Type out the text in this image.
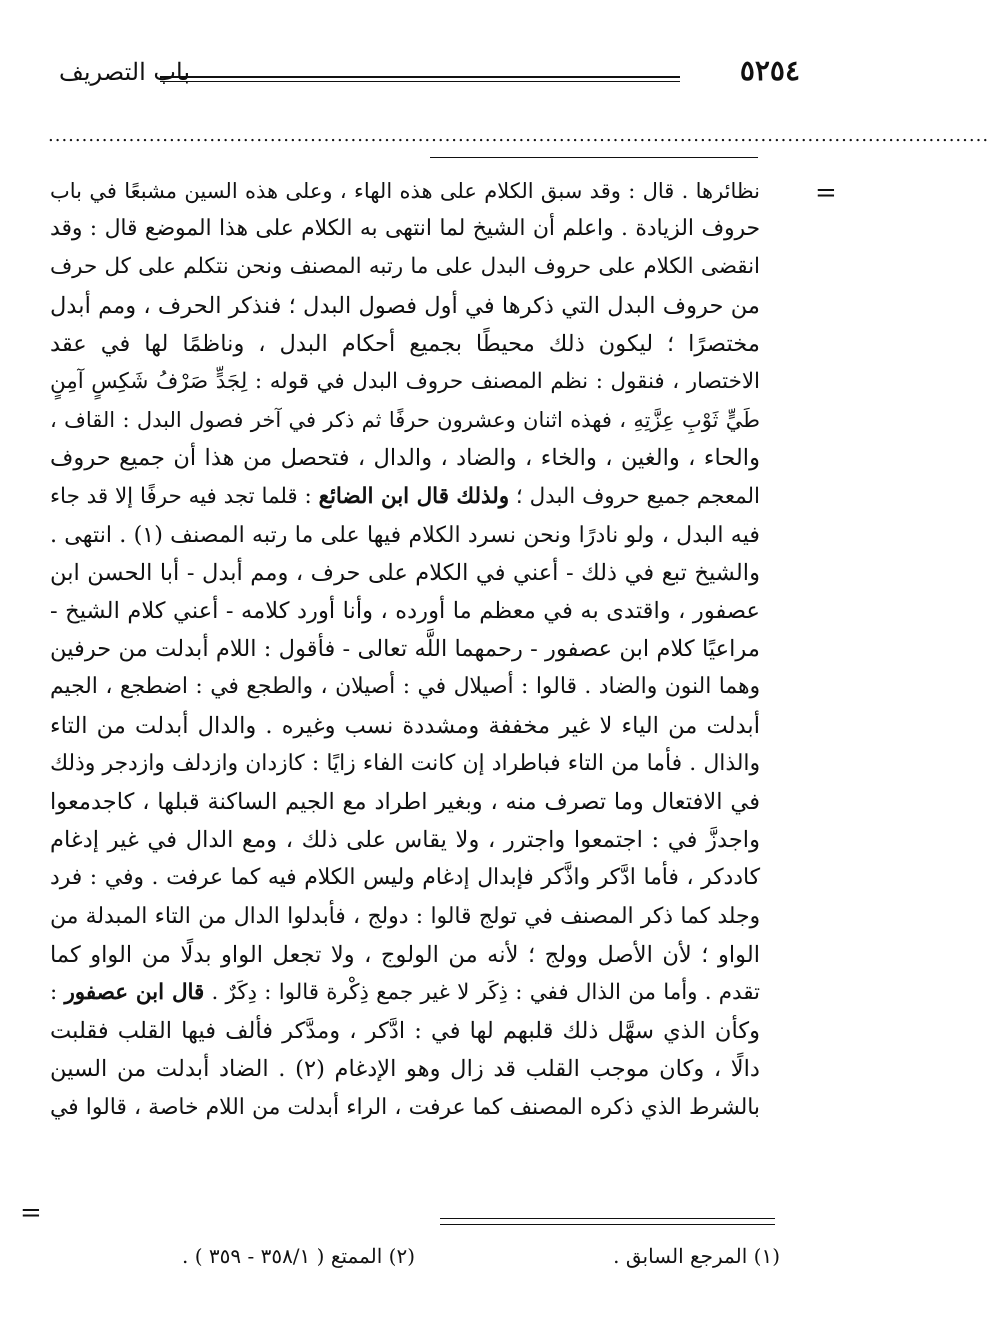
٥٢٥٤
باب التصريف
............................................................................................................................................
=
نظائرها . قال : وقد سبق الكلام على هذه الهاء ، وعلى هذه السين مشبعًا في باب
حروف الزيادة . واعلم أن الشيخ لما انتهى به الكلام على هذا الموضع قال : وقد
انقضى الكلام على حروف البدل على ما رتبه المصنف ونحن نتكلم على كل حرف
من حروف البدل التي ذكرها في أول فصول البدل ؛ فنذكر الحرف ، ومم أبدل
مختصرًا ؛ ليكون ذلك محيطًا بجميع أحكام البدل ، وناظمًا لها في عقد
الاختصار ، فنقول : نظم المصنف حروف البدل في قوله : لِجَدٍّ صَرْفُ شَكِسٍ آمِنٍ
طَيٍّ ثَوْبِ عِزَّتِهِ ، فهذه اثنان وعشرون حرفًا ثم ذكر في آخر فصول البدل : القاف ،
والحاء ، والغين ، والخاء ، والضاد ، والدال ، فتحصل من هذا أن جميع حروف
المعجم جميع حروف البدل ؛ ولذلك قال ابن الضائع : قلما تجد فيه حرفًا إلا قد جاء
فيه البدل ، ولو نادرًا ونحن نسرد الكلام فيها على ما رتبه المصنف (١) . انتهى .
والشيخ تبع في ذلك - أعني في الكلام على حرف ، ومم أبدل - أبا الحسن ابن
عصفور ، واقتدى به في معظم ما أورده ، وأنا أورد كلامه - أعني كلام الشيخ -
مراعيًا كلام ابن عصفور - رحمهما اللَّه تعالى - فأقول : اللام أبدلت من حرفين
وهما النون والضاد . قالوا : أصيلال في : أصيلان ، والطجع في : اضطجع ، الجيم
أبدلت من الياء لا غير مخففة ومشددة نسب وغيره . والدال أبدلت من التاء
والذال . فأما من التاء فباطراد إن كانت الفاء زايًا : كازدان وازدلف وازدجر وذلك
في الافتعال وما تصرف منه ، وبغير اطراد مع الجيم الساكنة قبلها ، كاجدمعوا
واجدزَّ في : اجتمعوا واجترر ، ولا يقاس على ذلك ، ومع الدال في غير إدغام
كاددكر ، فأما ادَّكر واذَّكر فإبدال إدغام وليس الكلام فيه كما عرفت . وفي : فرد
وجلد كما ذكر المصنف في تولج قالوا : دولج ، فأبدلوا الدال من التاء المبدلة من
الواو ؛ لأن الأصل وولج ؛ لأنه من الولوج ، ولا تجعل الواو بدلًا من الواو كما
تقدم . وأما من الذال ففي : ذِكَر لا غير جمع ذِكْرة قالوا : دِكَرٌ . قال ابن عصفور :
وكأن الذي سهَّل ذلك قلبهم لها في : ادَّكر ، ومدَّكر فألف فيها القلب فقلبت
دالًا ، وكان موجب القلب قد زال وهو الإدغام (٢) . الضاد أبدلت من السين
بالشرط الذي ذكره المصنف كما عرفت ، الراء أبدلت من اللام خاصة ، قالوا في
=
(١) المرجع السابق .
(٢) الممتع ( ٣٥٨/١ - ٣٥٩ ) .
